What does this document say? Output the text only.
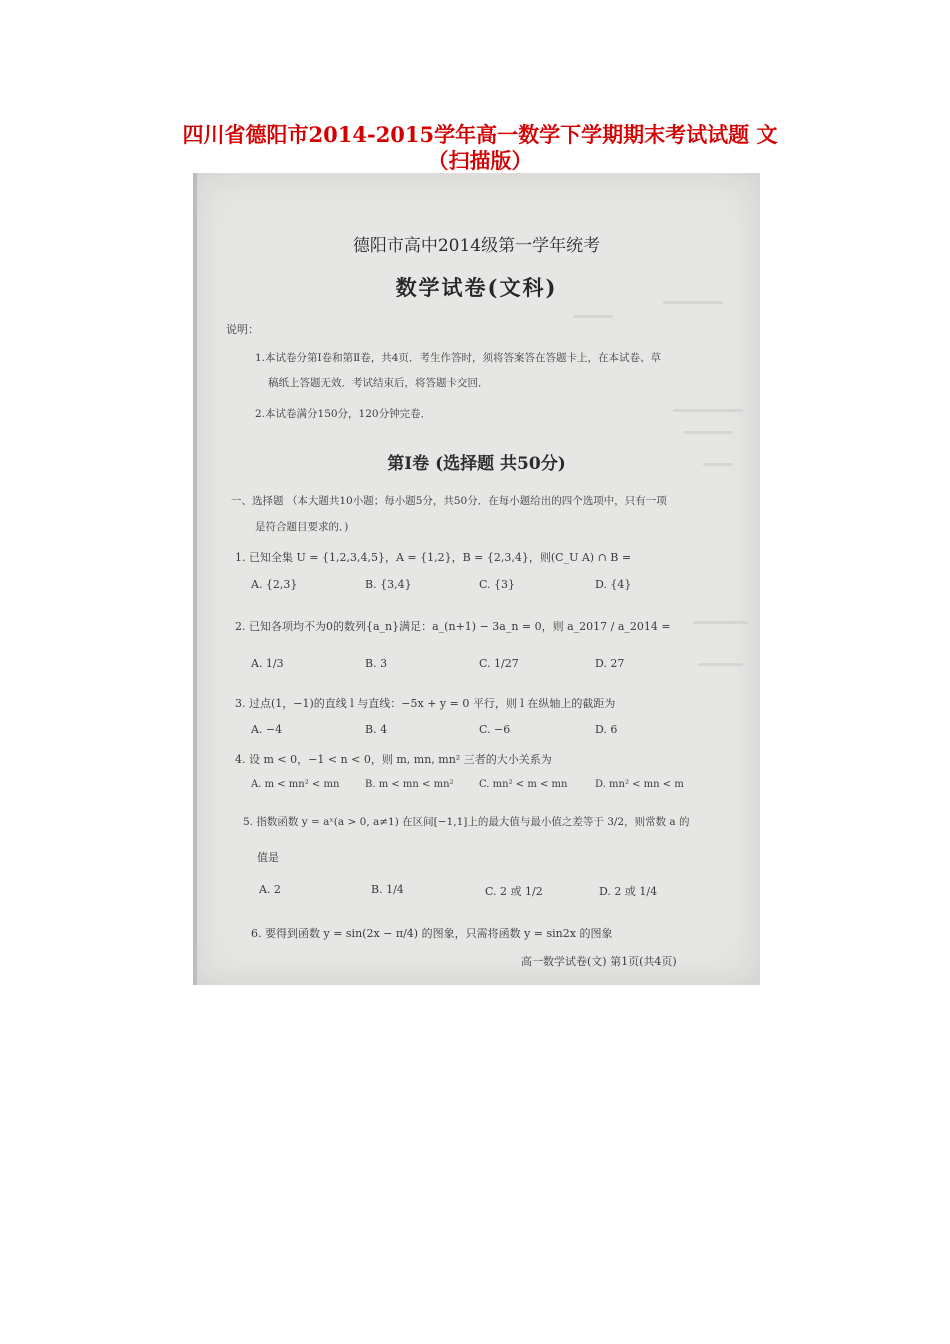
四川省德阳市2014-2015学年高一数学下学期期末考试试题 文
（扫描版）
德阳市高中2014级第一学年统考
数学试卷(文科)
说明：
1.本试卷分第Ⅰ卷和第Ⅱ卷，共4页．考生作答时，须将答案答在答题卡上，在本试卷、草
稿纸上答题无效．考试结束后，将答题卡交回．
2.本试卷满分150分，120分钟完卷．
第Ⅰ卷 (选择题 共50分)
一、选择题 （本大题共10小题；每小题5分，共50分．在每小题给出的四个选项中，只有一项
是符合题目要求的．)
1. 已知全集 U = {1,2,3,4,5}，A = {1,2}，B = {2,3,4}，则(C_U A) ∩ B =
A. {2,3}	B. {3,4}	C. {3}	D. {4}
2. 已知各项均不为0的数列{a_n}满足：a_(n+1) − 3a_n = 0，则 a_2017 / a_2014 =
A. 1/3	B. 3	C. 1/27	D. 27
3. 过点(1，−1)的直线 l 与直线：−5x + y = 0 平行，则 l 在纵轴上的截距为
A. −4	B. 4	C. −6	D. 6
4. 设 m < 0，−1 < n < 0，则 m, mn, mn² 三者的大小关系为
A. m < mn² < mn	B. m < mn < mn²	C. mn² < m < mn	D. mn² < mn < m
5. 指数函数 y = aˣ(a > 0, a≠1) 在区间[−1,1]上的最大值与最小值之差等于 3/2，则常数 a 的
值是
A. 2	B. 1/4	C. 2 或 1/2	D. 2 或 1/4
6. 要得到函数 y = sin(2x − π/4) 的图象，只需将函数 y = sin2x 的图象
高一数学试卷(文) 第1页(共4页)
